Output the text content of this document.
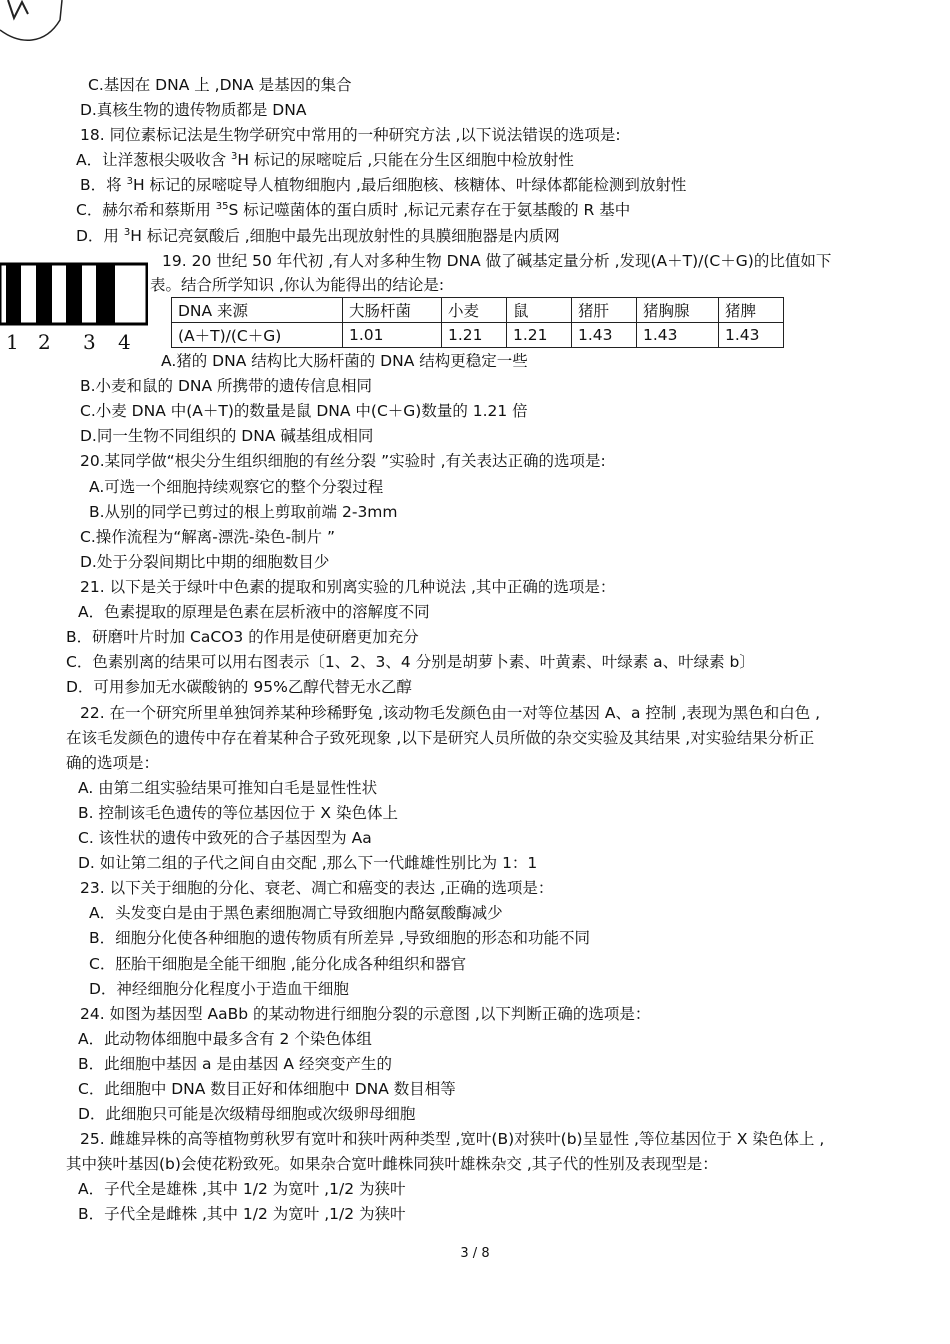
1 2 3 4
C.基因在 DNA 上 ,DNA 是基因的集合
D.真核生物的遗传物质都是 DNA
18. 同位素标记法是生物学研究中常用的一种研究方法 ,以下说法错误的选项是:
A．让洋葱根尖吸收含 $^3$H 标记的尿嘧啶后 ,只能在分生区细胞中检放射性
B．将 $^3$H 标记的尿嘧啶导人植物细胞内 ,最后细胞核、核糖体、叶绿体都能检测到放射性
C．赫尔希和蔡斯用 $^{35}$S 标记噬菌体的蛋白质时 ,标记元素存在于氨基酸的 R 基中
D．用 $^3$H 标记亮氨酸后 ,细胞中最先出现放射性的具膜细胞器是内质网
19. 20 世纪 50 年代初 ,有人对多种生物 DNA 做了碱基定量分析 ,发现(A＋T)/(C＋G)的比值如下
表。结合所学知识 ,你认为能得出的结论是:
DNA 来源	大肠杆菌	小麦	鼠	猪肝	猪胸腺	猪脾
(A＋T)/(C＋G)	1.01	1.21	1.21	1.43	1.43	1.43
A.猪的 DNA 结构比大肠杆菌的 DNA 结构更稳定一些
B.小麦和鼠的 DNA 所携带的遗传信息相同
C.小麦 DNA 中(A＋T)的数量是鼠 DNA 中(C＋G)数量的 1.21 倍
D.同一生物不同组织的 DNA 碱基组成相同
20.某同学做“根尖分生组织细胞的有丝分裂 ”实验时 ,有关表达正确的选项是:
A.可选一个细胞持续观察它的整个分裂过程
B.从别的同学已剪过的根上剪取前端 2-3mm
C.操作流程为“解离-漂洗-染色-制片 ”
D.处于分裂间期比中期的细胞数目少
21. 以下是关于绿叶中色素的提取和别离实验的几种说法 ,其中正确的选项是：
A．色素提取的原理是色素在层析液中的溶解度不同
B．研磨叶片时加 CaCO3 的作用是使研磨更加充分
C．色素别离的结果可以用右图表示〔1、2、3、4 分别是胡萝卜素、叶黄素、叶绿素 a、叶绿素 b〕
D．可用参加无水碳酸钠的 95%乙醇代替无水乙醇
22. 在一个研究所里单独饲养某种珍稀野兔 ,该动物毛发颜色由一对等位基因 A、a 控制 ,表现为黑色和白色 ,
在该毛发颜色的遗传中存在着某种合子致死现象 ,以下是研究人员所做的杂交实验及其结果 ,对实验结果分析正
确的选项是：
A. 由第二组实验结果可推知白毛是显性性状
B. 控制该毛色遗传的等位基因位于 X 染色体上
C. 该性状的遗传中致死的合子基因型为 Aa
D. 如让第二组的子代之间自由交配 ,那么下一代雌雄性别比为 1：1
23. 以下关于细胞的分化、衰老、凋亡和癌变的表达 ,正确的选项是：
A．头发变白是由于黑色素细胞凋亡导致细胞内酪氨酸酶减少
B．细胞分化使各种细胞的遗传物质有所差异 ,导致细胞的形态和功能不同
C．胚胎干细胞是全能干细胞 ,能分化成各种组织和器官
D．神经细胞分化程度小于造血干细胞
24. 如图为基因型 AaBb 的某动物进行细胞分裂的示意图 ,以下判断正确的选项是：
A．此动物体细胞中最多含有 2 个染色体组
B．此细胞中基因 a 是由基因 A 经突变产生的
C．此细胞中 DNA 数目正好和体细胞中 DNA 数目相等
D．此细胞只可能是次级精母细胞或次级卵母细胞
25. 雌雄异株的高等植物剪秋罗有宽叶和狭叶两种类型 ,宽叶(B)对狭叶(b)呈显性 ,等位基因位于 X 染色体上 ,
其中狭叶基因(b)会使花粉致死。如果杂合宽叶雌株同狭叶雄株杂交 ,其子代的性别及表现型是：
A．子代全是雄株 ,其中 1/2 为宽叶 ,1/2 为狭叶
B．子代全是雌株 ,其中 1/2 为宽叶 ,1/2 为狭叶
3 / 8
